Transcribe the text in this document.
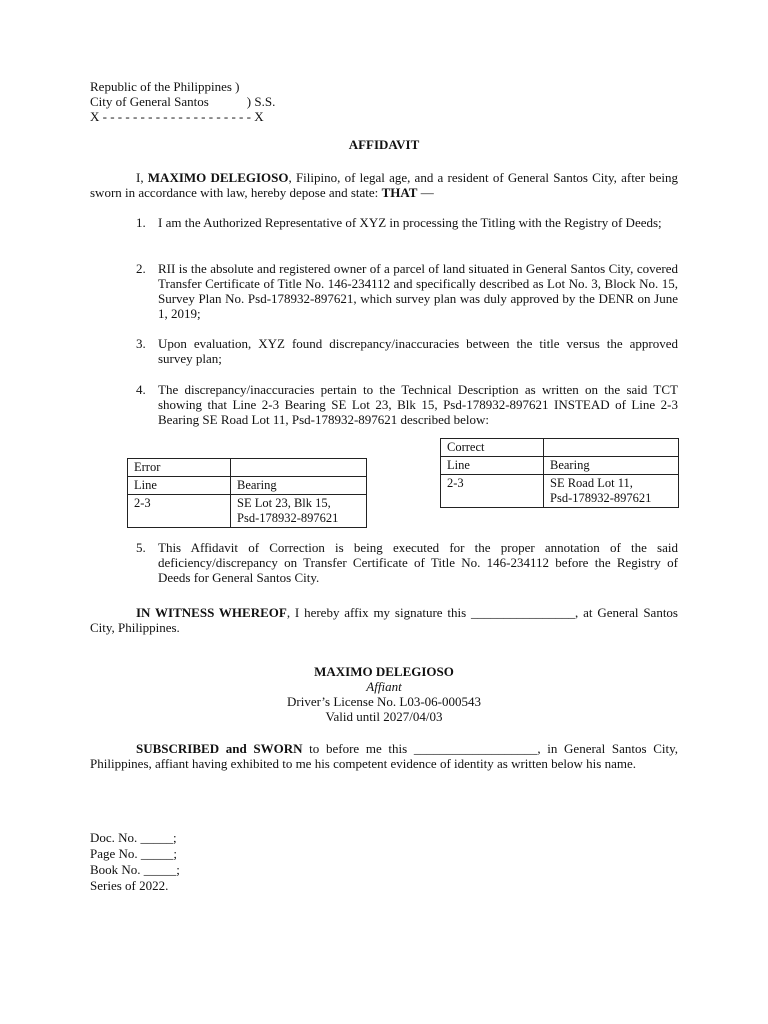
Republic of the Philippines )
City of General Santos	) S.S.
X - - - - - - - - - - - - - - - - - - - - X
AFFIDAVIT
I, MAXIMO DELEGIOSO, Filipino, of legal age, and a resident of General Santos City, after being sworn in accordance with law, hereby depose and state: THAT —
1. I am the Authorized Representative of XYZ in processing the Titling with the Registry of Deeds;
2. RII is the absolute and registered owner of a parcel of land situated in General Santos City, covered Transfer Certificate of Title No. 146-234112 and specifically described as Lot No. 3, Block No. 15, Survey Plan No. Psd-178932-897621, which survey plan was duly approved by the DENR on June 1, 2019;
3. Upon evaluation, XYZ found discrepancy/inaccuracies between the title versus the approved survey plan;
4. The discrepancy/inaccuracies pertain to the Technical Description as written on the said TCT showing that Line 2-3 Bearing SE Lot 23, Blk 15, Psd-178932-897621 INSTEAD of Line 2-3 Bearing SE Road Lot 11, Psd-178932-897621 described below:
Error	
Line	Bearing
2-3	SE Lot 23, Blk 15,
Psd-178932-897621
Correct	
Line	Bearing
2-3	SE Road Lot 11,
Psd-178932-897621
5. This Affidavit of Correction is being executed for the proper annotation of the said deficiency/discrepancy on Transfer Certificate of Title No. 146-234112 before the Registry of Deeds for General Santos City.
IN WITNESS WHEREOF, I hereby affix my signature this ________________, at General Santos City, Philippines.
MAXIMO DELEGIOSO
Affiant
Driver’s License No. L03-06-000543
Valid until 2027/04/03
SUBSCRIBED and SWORN to before me this ___________________, in General Santos City, Philippines, affiant having exhibited to me his competent evidence of identity as written below his name.
Doc. No. _____;
Page No. _____;
Book No. _____;
Series of 2022.
